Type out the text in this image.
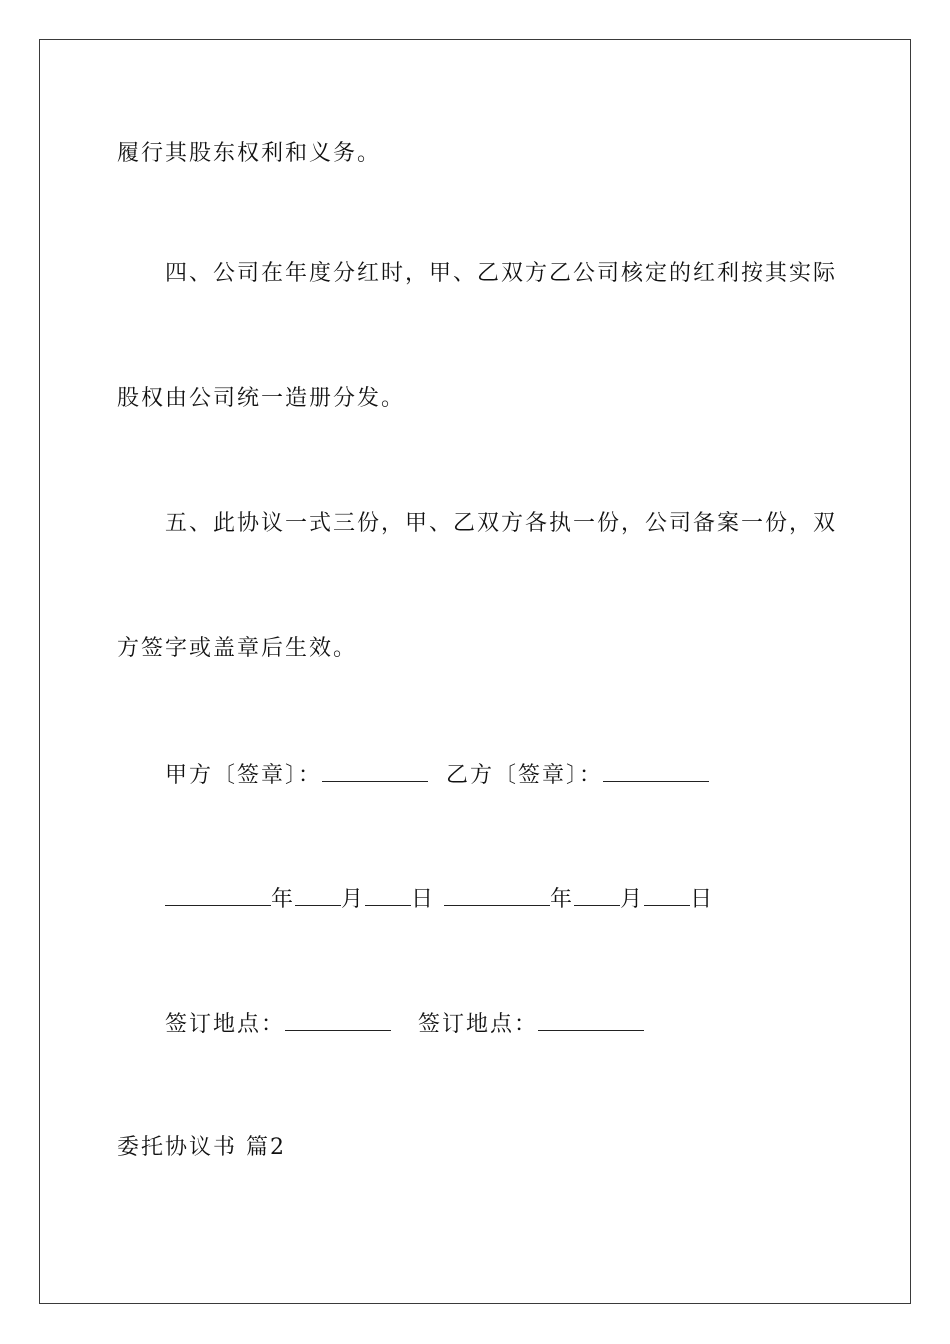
履行其股东权利和义务。
四、公司在年度分红时，甲、乙双方乙公司核定的红利按其实际
股权由公司统一造册分发。
五、此协议一式三份，甲、乙双方各执一份，公司备案一份，双
方签字或盖章后生效。
甲方〔签章〕：	乙方〔签章〕：
年 月 日	年 月 日
签订地点：	签订地点：
委托协议书 篇2
